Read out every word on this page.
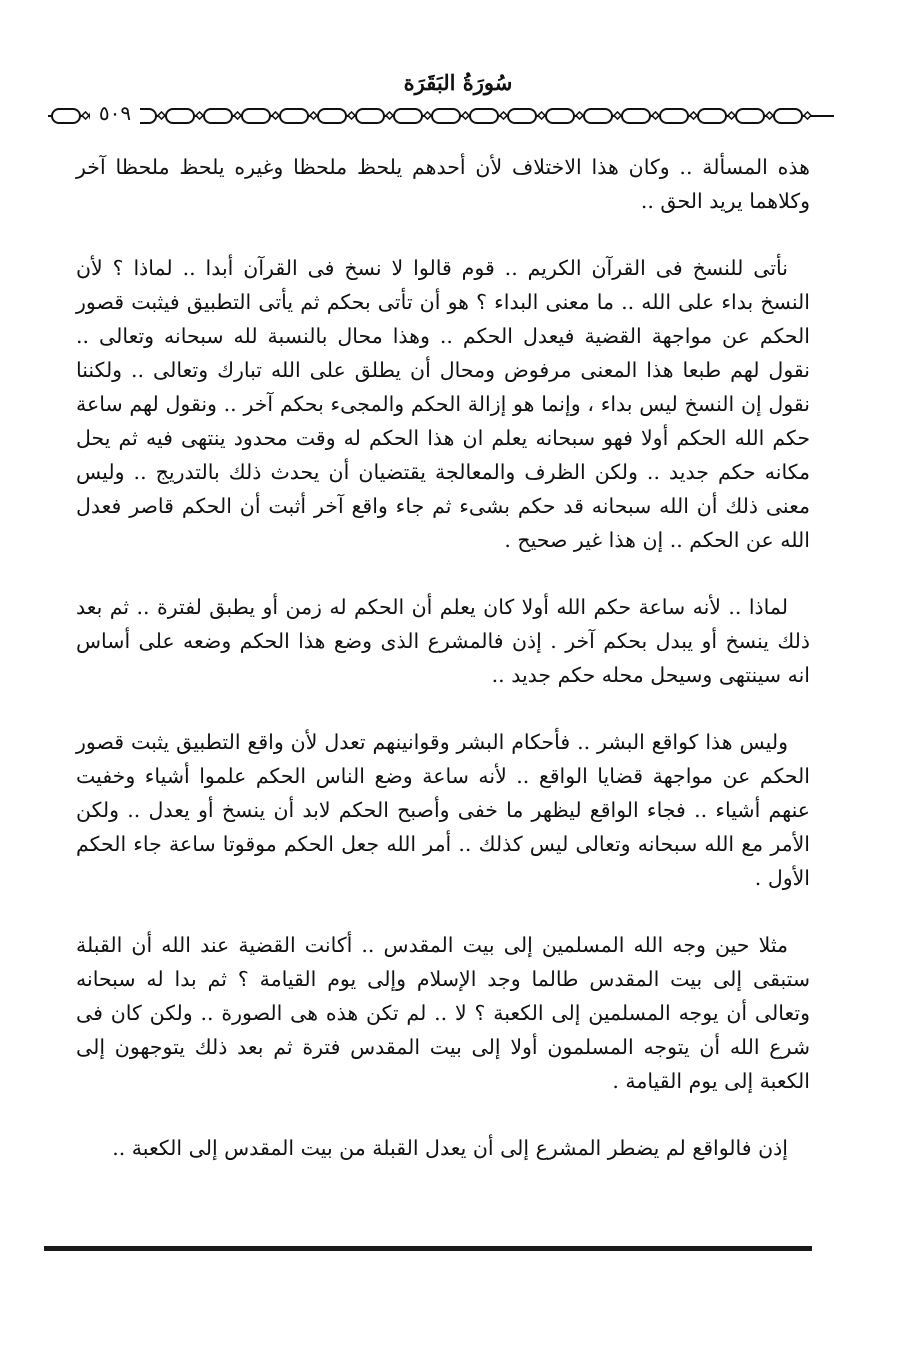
سُورَةُ البَقَرَة
٥٠٩

هذه المسألة .. وكان هذا الاختلاف لأن أحدهم يلحظ ملحظا وغيره يلحظ ملحظا آخر وكلاهما يريد الحق ..

نأتى للنسخ فى القرآن الكريم .. قوم قالوا لا نسخ فى القرآن أبدا .. لماذا ؟ لأن النسخ بداء على الله .. ما معنى البداء ؟ هو أن تأتى بحكم ثم يأتى التطبيق فيثبت قصور الحكم عن مواجهة القضية فيعدل الحكم .. وهذا محال بالنسبة لله سبحانه وتعالى .. نقول لهم طبعا هذا المعنى مرفوض ومحال أن يطلق على الله تبارك وتعالى .. ولكننا نقول إن النسخ ليس بداء ، وإنما هو إزالة الحكم والمجىء بحكم آخر .. ونقول لهم ساعة حكم الله الحكم أولا فهو سبحانه يعلم ان هذا الحكم له وقت محدود ينتهى فيه ثم يحل مكانه حكم جديد .. ولكن الظرف والمعالجة يقتضيان أن يحدث ذلك بالتدريج .. وليس معنى ذلك أن الله سبحانه قد حكم بشىء ثم جاء واقع آخر أثبت أن الحكم قاصر فعدل الله عن الحكم .. إن هذا غير صحيح .

لماذا .. لأنه ساعة حكم الله أولا كان يعلم أن الحكم له زمن أو يطبق لفترة .. ثم بعد ذلك ينسخ أو يبدل بحكم آخر . إذن فالمشرع الذى وضع هذا الحكم وضعه على أساس انه سينتهى وسيحل محله حكم جديد ..

وليس هذا كواقع البشر .. فأحكام البشر وقوانينهم تعدل لأن واقع التطبيق يثبت قصور الحكم عن مواجهة قضايا الواقع .. لأنه ساعة وضع الناس الحكم علموا أشياء وخفيت عنهم أشياء .. فجاء الواقع ليظهر ما خفى وأصبح الحكم لابد أن ينسخ أو يعدل .. ولكن الأمر مع الله سبحانه وتعالى ليس كذلك .. أمر الله جعل الحكم موقوتا ساعة جاء الحكم الأول .

مثلا حين وجه الله المسلمين إلى بيت المقدس .. أكانت القضية عند الله أن القبلة ستبقى إلى بيت المقدس طالما وجد الإسلام وإلى يوم القيامة ؟ ثم بدا له سبحانه وتعالى أن يوجه المسلمين إلى الكعبة ؟ لا .. لم تكن هذه هى الصورة .. ولكن كان فى شرع الله أن يتوجه المسلمون أولا إلى بيت المقدس فترة ثم بعد ذلك يتوجهون إلى الكعبة إلى يوم القيامة .

إذن فالواقع لم يضطر المشرع إلى أن يعدل القبلة من بيت المقدس إلى الكعبة ..
